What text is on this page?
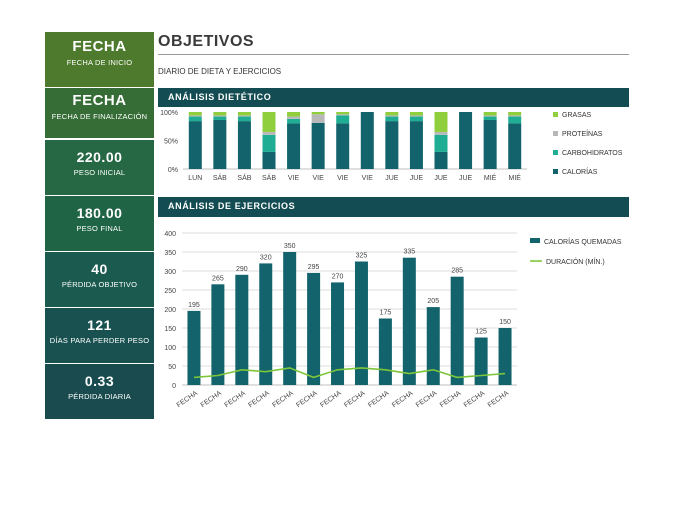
FECHA
FECHA DE INICIO
FECHA
FECHA DE FINALIZACIÓN
220.00
PESO INICIAL
180.00
PESO FINAL
40
PÉRDIDA OBJETIVO
121
DÍAS PARA PERDER PESO
0.33
PÉRDIDA DIARIA
OBJETIVOS
DIARIO DE DIETA Y EJERCICIOS
ANÁLISIS DIETÉTICO
ANÁLISIS DE EJERCICIOS
100%
50%
0%
LUN SÁB SÁB SÁB VIE VIE VIE VIE JUE JUE JUE JUE MIÉ MIÉ
GRASAS
PROTEÍNAS
CARBOHIDRATOS
CALORÍAS
0
50
100
150
200
250
300
350
400
195
FECHA
265
FECHA
290
FECHA
320
FECHA
350
FECHA
295
FECHA
270
FECHA
325
FECHA
175
FECHA
335
FECHA
205
FECHA
285
FECHA
125
FECHA
150
FECHA
CALORÍAS QUEMADAS
DURACIÓN (MÍN.)
